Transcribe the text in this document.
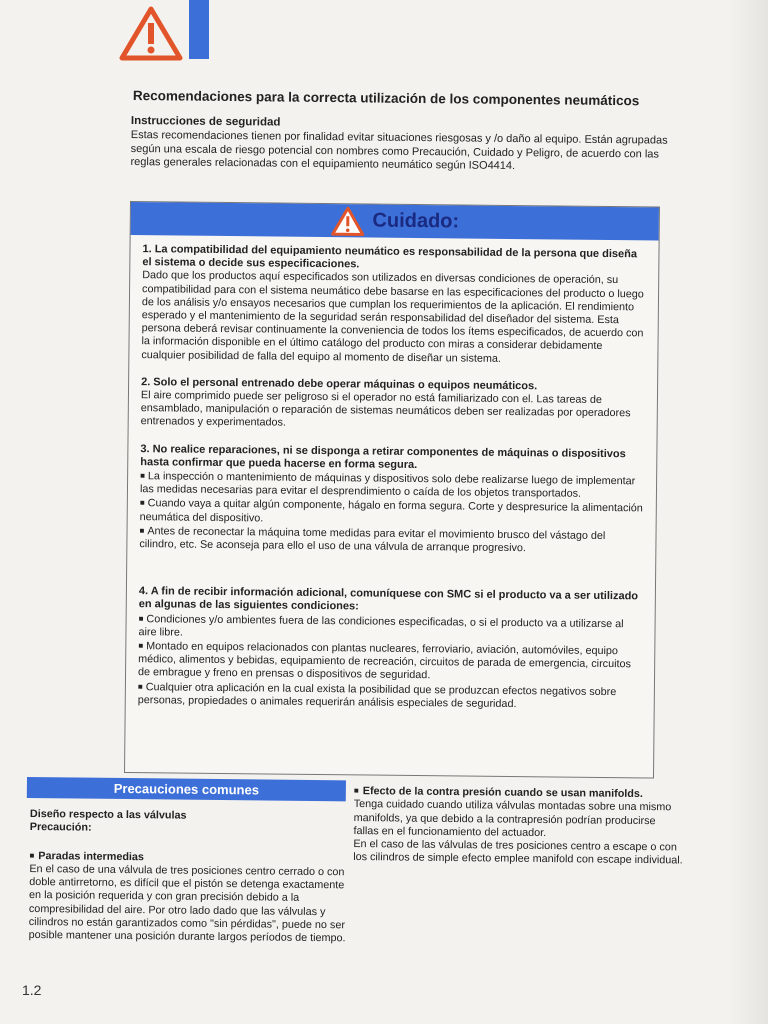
Recomendaciones para la correcta utilización de los componentes neumáticos
Instrucciones de seguridad
Estas recomendaciones tienen por finalidad evitar situaciones riesgosas y /o daño al equipo. Están agrupadas según una escala de riesgo potencial con nombres como Precaución, Cuidado y Peligro, de acuerdo con las reglas generales relacionadas con el equipamiento neumático según ISO4414.
Cuidado:
1. La compatibilidad del equipamiento neumático es responsabilidad de la persona que diseña el sistema o decide sus especificaciones.
Dado que los productos aquí especificados son utilizados en diversas condiciones de operación, su compatibilidad para con el sistema neumático debe basarse en las especificaciones del producto o luego de los análisis y/o ensayos necesarios que cumplan los requerimientos de la aplicación. El rendimiento esperado y el mantenimiento de la seguridad serán responsabilidad del diseñador del sistema. Esta persona deberá revisar continuamente la conveniencia de todos los ítems especificados, de acuerdo con la información disponible en el último catálogo del producto con miras a considerar debidamente cualquier posibilidad de falla del equipo al momento de diseñar un sistema.
2. Solo el personal entrenado debe operar máquinas o equipos neumáticos.
El aire comprimido puede ser peligroso si el operador no está familiarizado con el. Las tareas de ensamblado, manipulación o reparación de sistemas neumáticos deben ser realizadas por operadores entrenados y experimentados.
3. No realice reparaciones, ni se disponga a retirar componentes de máquinas o dispositivos hasta confirmar que pueda hacerse en forma segura.
■ La inspección o mantenimiento de máquinas y dispositivos solo debe realizarse luego de implementar las medidas necesarias para evitar el desprendimiento o caída de los objetos transportados.
■ Cuando vaya a quitar algún componente, hágalo en forma segura. Corte y despresurice la alimentación neumática del dispositivo.
■ Antes de reconectar la máquina tome medidas para evitar el movimiento brusco del vástago del cilindro, etc. Se aconseja para ello el uso de una válvula de arranque progresivo.
4. A fin de recibir información adicional, comuníquese con SMC si el producto va a ser utilizado en algunas de las siguientes condiciones:
■ Condiciones y/o ambientes fuera de las condiciones especificadas, o si el producto va a utilizarse al aire libre.
■ Montado en equipos relacionados con plantas nucleares, ferroviario, aviación, automóviles, equipo médico, alimentos y bebidas, equipamiento de recreación, circuitos de parada de emergencia, circuitos de embrague y freno en prensas o dispositivos de seguridad.
■ Cualquier otra aplicación en la cual exista la posibilidad que se produzcan efectos negativos sobre personas, propiedades o animales requerirán análisis especiales de seguridad.
Precauciones comunes
Diseño respecto a las válvulas
Precaución:
■ Paradas intermedias
En el caso de una válvula de tres posiciones centro cerrado o con doble antirretorno, es difícil que el pistón se detenga exactamente en la posición requerida y con gran precisión debido a la compresibilidad del aire. Por otro lado dado que las válvulas y cilindros no están garantizados como "sin pérdidas", puede no ser posible mantener una posición durante largos períodos de tiempo.
■ Efecto de la contra presión cuando se usan manifolds.
Tenga cuidado cuando utiliza válvulas montadas sobre una mismo manifolds, ya que debido a la contrapresión podrían producirse fallas en el funcionamiento del actuador.
En el caso de las válvulas de tres posiciones centro a escape o con los cilindros de simple efecto emplee manifold con escape individual.
1.2
